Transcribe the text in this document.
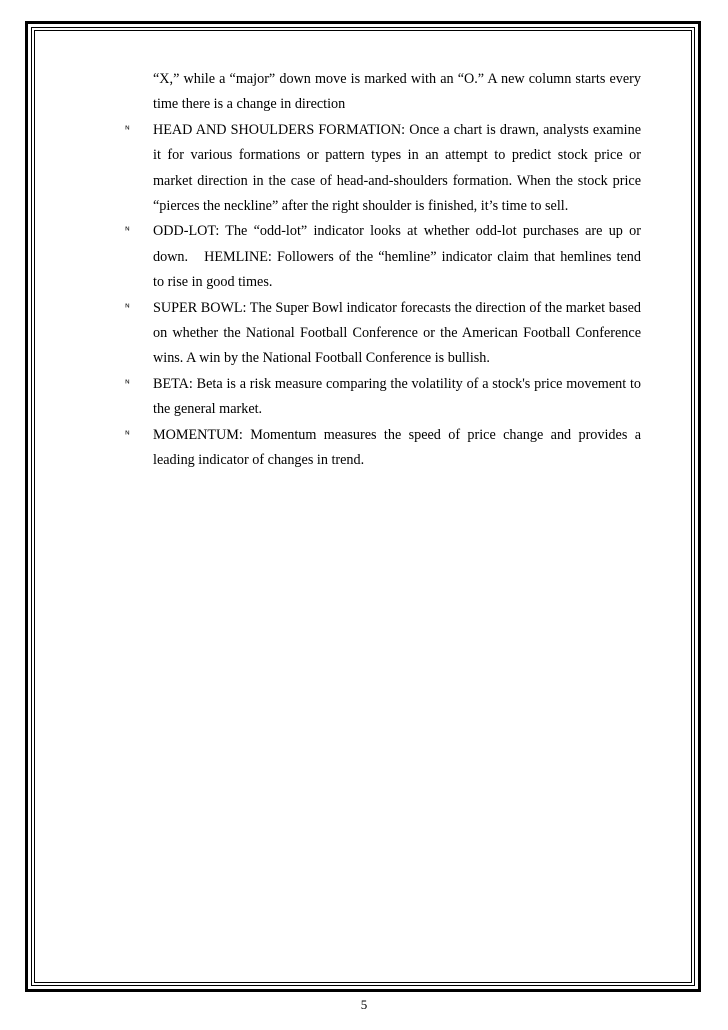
“X,” while a “major” down move is marked with an “O.” A new column starts every time there is a change in direction
ᴺ	HEAD AND SHOULDERS FORMATION: Once a chart is drawn, analysts examine it for various formations or pattern types in an attempt to predict stock price or market direction in the case of head-and-shoulders formation. When the stock price “pierces the neckline” after the right shoulder is finished, it’s time to sell.
ᴺ	ODD-LOT: The “odd-lot” indicator looks at whether odd-lot purchases are up or down. HEMLINE: Followers of the “hemline” indicator claim that hemlines tend to rise in good times.
ᴺ	SUPER BOWL: The Super Bowl indicator forecasts the direction of the market based on whether the National Football Conference or the American Football Conference wins. A win by the National Football Conference is bullish.
ᴺ	BETA: Beta is a risk measure comparing the volatility of a stock's price movement to the general market.
ᴺ	MOMENTUM: Momentum measures the speed of price change and provides a leading indicator of changes in trend.
5
